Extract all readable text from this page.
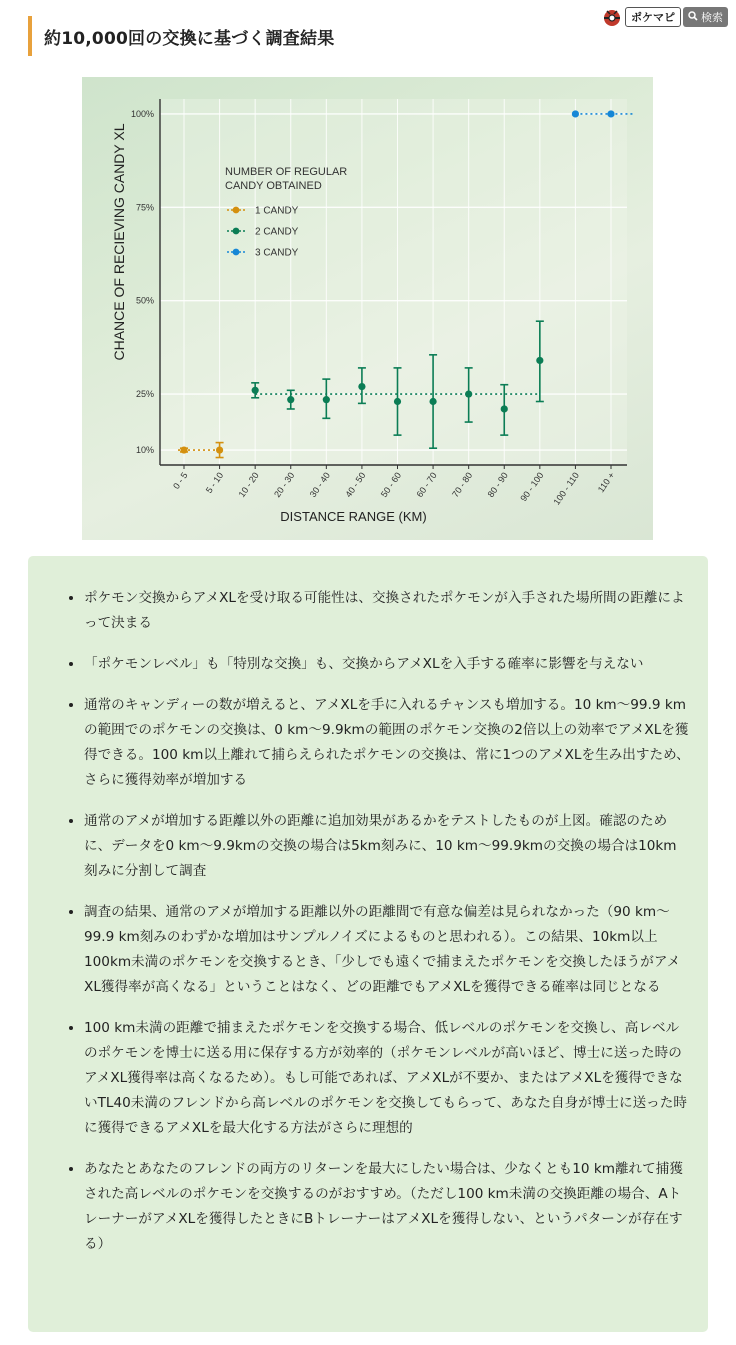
約10,000回の交換に基づく調査結果
ポケマピ	検索
10%
25%
50%
75%
100%
0 - 5 5 - 10 10 - 20 20 - 30 30 - 40 40 - 50 50 - 60 60 - 70 70 - 80 80 - 90 90 - 100 100 - 110 110 +
DISTANCE RANGE (KM)
CHANCE OF RECIEVING CANDY XL	NUMBER OF REGULAR CANDY OBTAINED
1 CANDY
2 CANDY
3 CANDY
• ポケモン交換からアメXLを受け取る可能性は、交換されたポケモンが入手された場所間の距離によって決まる
• 「ポケモンレベル」も「特別な交換」も、交換からアメXLを入手する確率に影響を与えない
• 通常のキャンディーの数が増えると、アメXLを手に入れるチャンスも増加する。10 km〜99.9 kmの範囲でのポケモンの交換は、0 km〜9.9kmの範囲のポケモン交換の2倍以上の効率でアメXLを獲得できる。100 km以上離れて捕らえられたポケモンの交換は、常に1つのアメXLを生み出すため、さらに獲得効率が増加する
• 通常のアメが増加する距離以外の距離に追加効果があるかをテストしたものが上図。確認のために、データを0 km〜9.9kmの交換の場合は5km刻みに、10 km〜99.9kmの交換の場合は10km刻みに分割して調査
• 調査の結果、通常のアメが増加する距離以外の距離間で有意な偏差は見られなかった（90 km〜99.9 km刻みのわずかな増加はサンプルノイズによるものと思われる）。この結果、10km以上100km未満のポケモンを交換するとき、「少しでも遠くで捕まえたポケモンを交換したほうがアメXL獲得率が高くなる」ということはなく、どの距離でもアメXLを獲得できる確率は同じとなる
• 100 km未満の距離で捕まえたポケモンを交換する場合、低レベルのポケモンを交換し、高レベルのポケモンを博士に送る用に保存する方が効率的（ポケモンレベルが高いほど、博士に送った時のアメXL獲得率は高くなるため）。もし可能であれば、アメXLが不要か、またはアメXLを獲得できないTL40未満のフレンドから高レベルのポケモンを交換してもらって、あなた自身が博士に送った時に獲得できるアメXLを最大化する方法がさらに理想的
• あなたとあなたのフレンドの両方のリターンを最大にしたい場合は、少なくとも10 km離れて捕獲された高レベルのポケモンを交換するのがおすすめ。（ただし100 km未満の交換距離の場合、AトレーナーがアメXLを獲得したときにBトレーナーはアメXLを獲得しない、というパターンが存在する）
